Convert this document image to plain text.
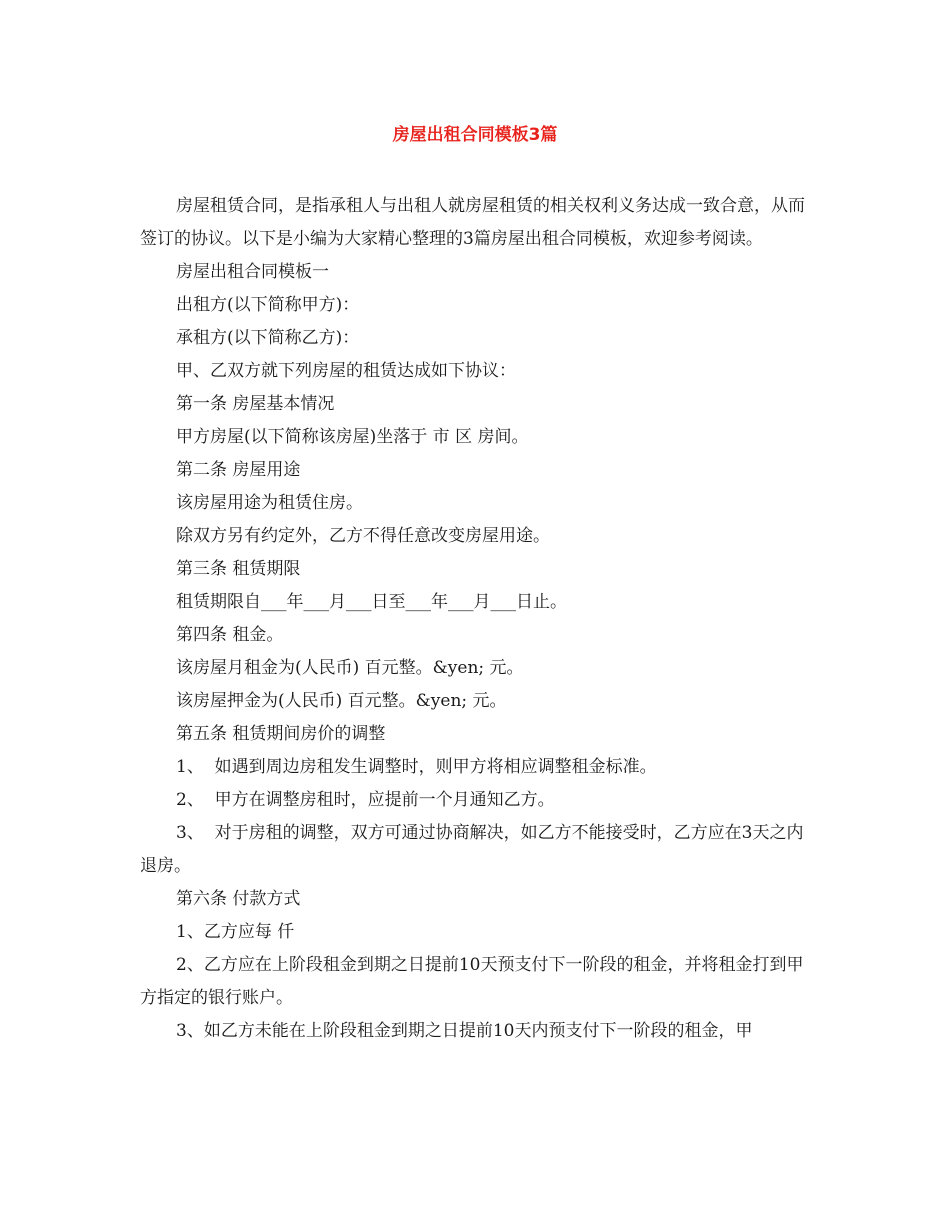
房屋出租合同模板3篇

房屋租赁合同，是指承租人与出租人就房屋租赁的相关权利义务达成一致合意，从而签订的协议。以下是小编为大家精心整理的3篇房屋出租合同模板，欢迎参考阅读。

房屋出租合同模板一

出租方(以下简称甲方)：

承租方(以下简称乙方)：

甲、乙双方就下列房屋的租赁达成如下协议：

第一条 房屋基本情况

甲方房屋(以下简称该房屋)坐落于 市 区 房间。

第二条 房屋用途

该房屋用途为租赁住房。

除双方另有约定外，乙方不得任意改变房屋用途。

第三条 租赁期限

租赁期限自___年___月___日至___年___月___日止。

第四条 租金。

该房屋月租金为(人民币) 百元整。&yen; 元。

该房屋押金为(人民币) 百元整。&yen; 元。

第五条 租赁期间房价的调整

1、  如遇到周边房租发生调整时，则甲方将相应调整租金标准。

2、  甲方在调整房租时，应提前一个月通知乙方。

3、  对于房租的调整，双方可通过协商解决，如乙方不能接受时，乙方应在3天之内退房。

第六条 付款方式

1、乙方应每 仟

2、乙方应在上阶段租金到期之日提前10天预支付下一阶段的租金，并将租金打到甲方指定的银行账户。

3、如乙方未能在上阶段租金到期之日提前10天内预支付下一阶段的租金，甲
